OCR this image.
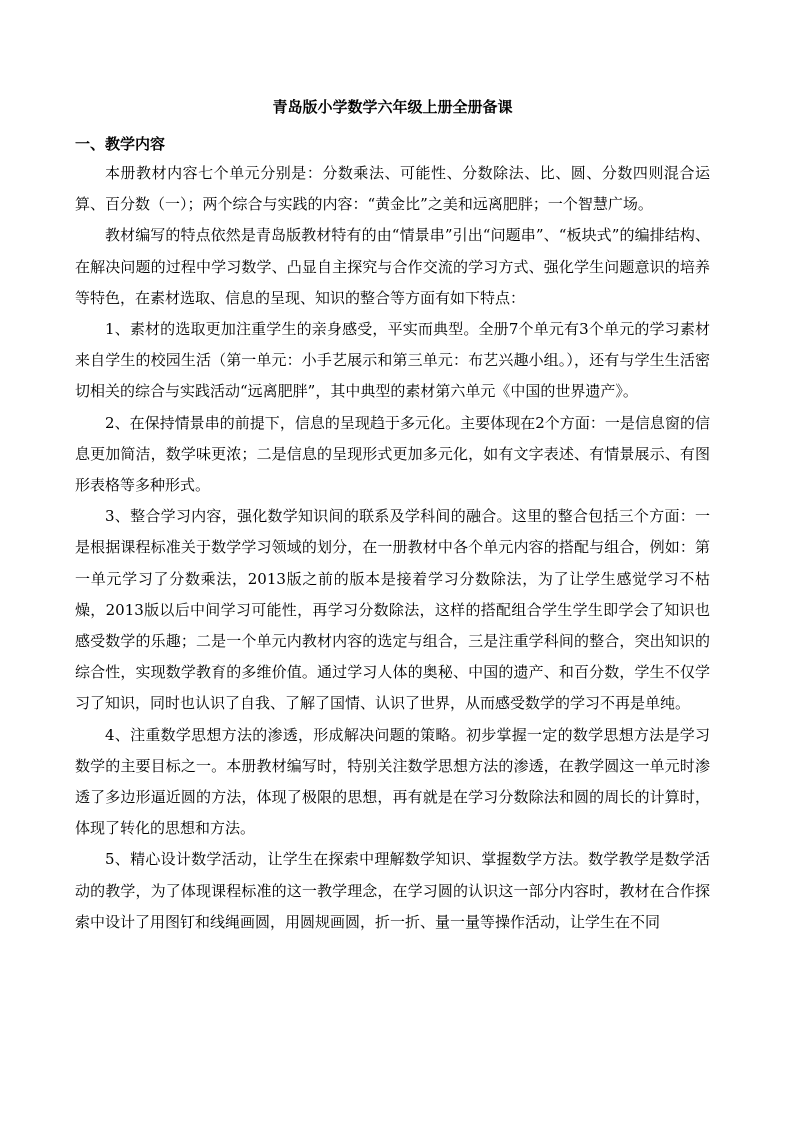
青岛版小学数学六年级上册全册备课
一、教学内容

本册教材内容七个单元分别是：分数乘法、可能性、分数除法、比、圆、分数四则混合运算、百分数（一）；两个综合与实践的内容：“黄金比”之美和远离肥胖；一个智慧广场。

教材编写的特点依然是青岛版教材特有的由“情景串”引出“问题串”、“板块式”的编排结构、在解决问题的过程中学习数学、凸显自主探究与合作交流的学习方式、强化学生问题意识的培养等特色，在素材选取、信息的呈现、知识的整合等方面有如下特点：

1、素材的选取更加注重学生的亲身感受，平实而典型。全册7个单元有3个单元的学习素材来自学生的校园生活（第一单元：小手艺展示和第三单元：布艺兴趣小组。），还有与学生生活密切相关的综合与实践活动“远离肥胖”，其中典型的素材第六单元《中国的世界遗产》。

2、在保持情景串的前提下，信息的呈现趋于多元化。主要体现在2个方面：一是信息窗的信息更加简洁，数学味更浓；二是信息的呈现形式更加多元化，如有文字表述、有情景展示、有图形表格等多种形式。

3、整合学习内容，强化数学知识间的联系及学科间的融合。这里的整合包括三个方面：一是根据课程标准关于数学学习领域的划分，在一册教材中各个单元内容的搭配与组合，例如：第一单元学习了分数乘法，2013版之前的版本是接着学习分数除法，为了让学生感觉学习不枯燥，2013版以后中间学习可能性，再学习分数除法，这样的搭配组合学生学生即学会了知识也感受数学的乐趣；二是一个单元内教材内容的选定与组合，三是注重学科间的整合，突出知识的综合性，实现数学教育的多维价值。通过学习人体的奥秘、中国的遗产、和百分数，学生不仅学习了知识，同时也认识了自我、了解了国情、认识了世界，从而感受数学的学习不再是单纯。

4、注重数学思想方法的渗透，形成解决问题的策略。初步掌握一定的数学思想方法是学习数学的主要目标之一。本册教材编写时，特别关注数学思想方法的渗透，在教学圆这一单元时渗透了多边形逼近圆的方法，体现了极限的思想，再有就是在学习分数除法和圆的周长的计算时，体现了转化的思想和方法。

5、精心设计数学活动，让学生在探索中理解数学知识、掌握数学方法。数学教学是数学活动的教学，为了体现课程标准的这一教学理念，在学习圆的认识这一部分内容时，教材在合作探索中设计了用图钉和线绳画圆，用圆规画圆，折一折、量一量等操作活动，让学生在不同
